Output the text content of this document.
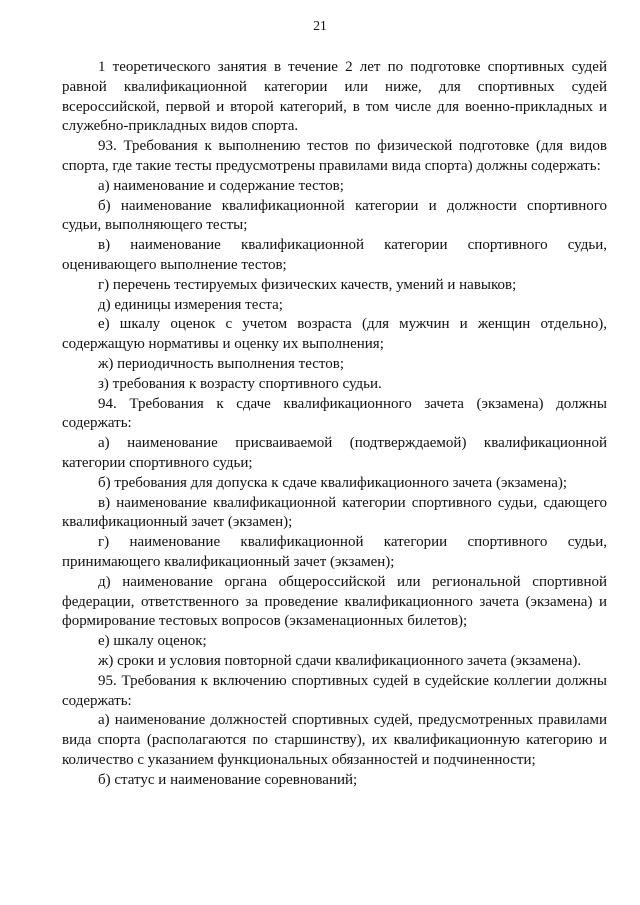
21
1 теоретического занятия в течение 2 лет по подготовке спортивных судей
равной квалификационной категории или ниже, для спортивных судей
всероссийской, первой и второй категорий, в том числе для военно-прикладных и
служебно-прикладных видов спорта.
93. Требования к выполнению тестов по физической подготовке (для видов
спорта, где такие тесты предусмотрены правилами вида спорта) должны содержать:
а) наименование и содержание тестов;
б) наименование квалификационной категории и должности спортивного
судьи, выполняющего тесты;
в) наименование квалификационной категории спортивного судьи,
оценивающего выполнение тестов;
г) перечень тестируемых физических качеств, умений и навыков;
д) единицы измерения теста;
е) шкалу оценок с учетом возраста (для мужчин и женщин отдельно),
содержащую нормативы и оценку их выполнения;
ж) периодичность выполнения тестов;
з) требования к возрасту спортивного судьи.
94. Требования к сдаче квалификационного зачета (экзамена) должны
содержать:
а) наименование присваиваемой (подтверждаемой) квалификационной
категории спортивного судьи;
б) требования для допуска к сдаче квалификационного зачета (экзамена);
в) наименование квалификационной категории спортивного судьи, сдающего
квалификационный зачет (экзамен);
г) наименование квалификационной категории спортивного судьи,
принимающего квалификационный зачет (экзамен);
д) наименование органа общероссийской или региональной спортивной
федерации, ответственного за проведение квалификационного зачета (экзамена) и
формирование тестовых вопросов (экзаменационных билетов);
е) шкалу оценок;
ж) сроки и условия повторной сдачи квалификационного зачета (экзамена).
95. Требования к включению спортивных судей в судейские коллегии должны
содержать:
а) наименование должностей спортивных судей, предусмотренных правилами
вида спорта (располагаются по старшинству), их квалификационную категорию и
количество с указанием функциональных обязанностей и подчиненности;
б) статус и наименование соревнований;
